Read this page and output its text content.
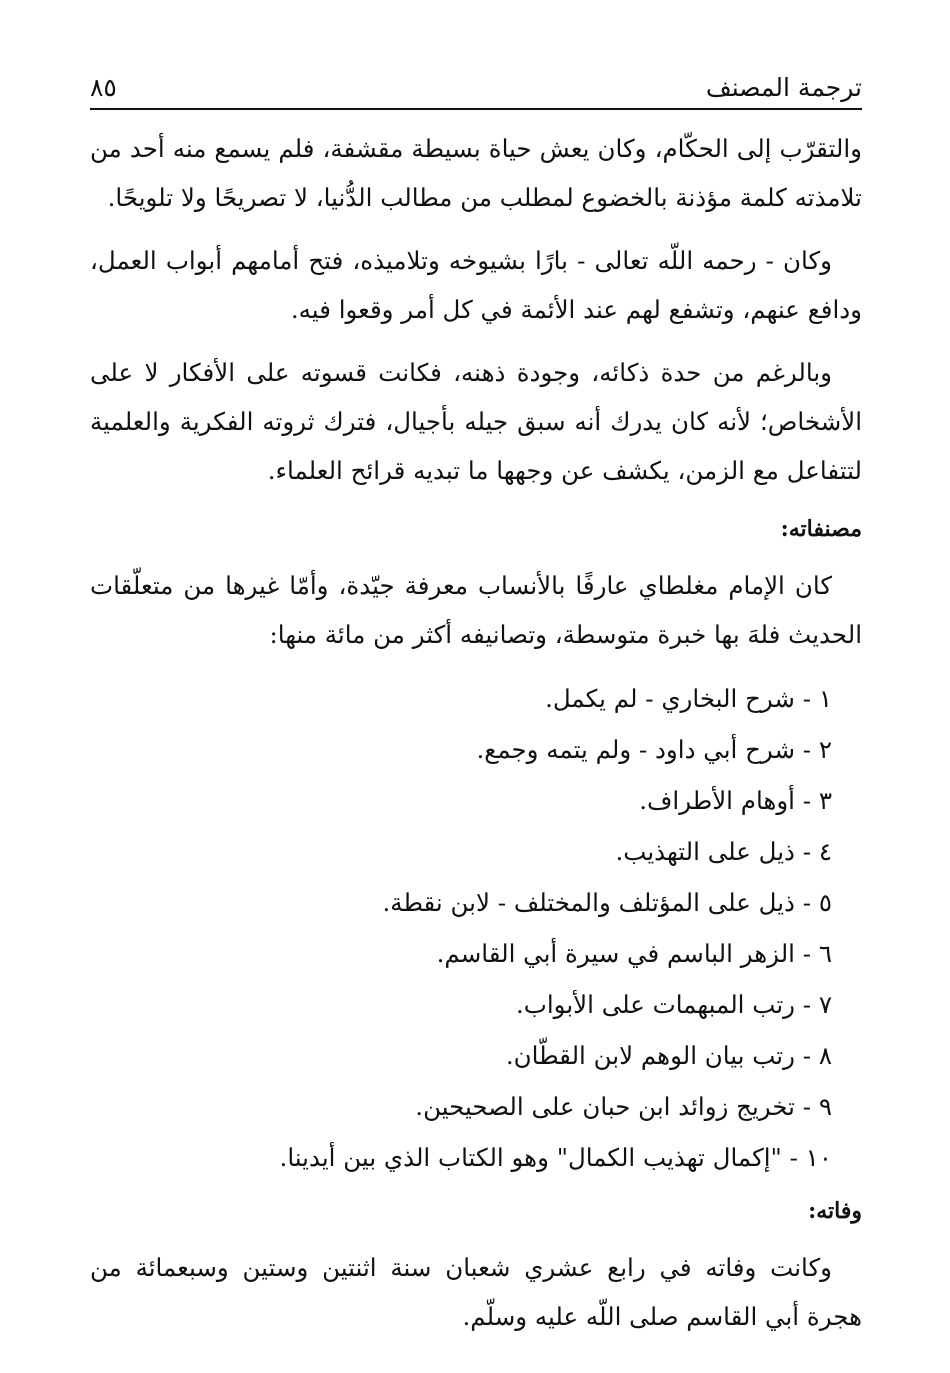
ترجمة المصنف
٨٥

والتقرّب إلى الحكّام، وكان يعش حياة بسيطة مقشفة، فلم يسمع منه أحد من تلامذته كلمة مؤذنة بالخضوع لمطلب من مطالب الدُّنيا، لا تصريحًا ولا تلويحًا.

وكان - رحمه اللّه تعالى - بارًا بشيوخه وتلاميذه، فتح أمامهم أبواب العمل، ودافع عنهم، وتشفع لهم عند الأئمة في كل أمر وقعوا فيه.

وبالرغم من حدة ذكائه، وجودة ذهنه، فكانت قسوته على الأفكار لا على الأشخاص؛ لأنه كان يدرك أنه سبق جيله بأجيال، فترك ثروته الفكرية والعلمية لتتفاعل مع الزمن، يكشف عن وجهها ما تبديه قرائح العلماء.

مصنفاته:

كان الإمام مغلطاي عارفًا بالأنساب معرفة جيّدة، وأمّا غيرها من متعلّقات الحديث فلهَ بها خبرة متوسطة، وتصانيفه أكثر من مائة منها:

١ - شرح البخاري - لم يكمل.
٢ - شرح أبي داود - ولم يتمه وجمع.
٣ - أوهام الأطراف.
٤ - ذيل على التهذيب.
٥ - ذيل على المؤتلف والمختلف - لابن نقطة.
٦ - الزهر الباسم في سيرة أبي القاسم.
٧ - رتب المبهمات على الأبواب.
٨ - رتب بيان الوهم لابن القطّان.
٩ - تخريج زوائد ابن حبان على الصحيحين.
١٠ - "إكمال تهذيب الكمال" وهو الكتاب الذي بين أيدينا.
وفاته:

وكانت وفاته في رابع عشري شعبان سنة اثنتين وستين وسبعمائة من هجرة أبي القاسم صلى اللّه عليه وسلّم.
